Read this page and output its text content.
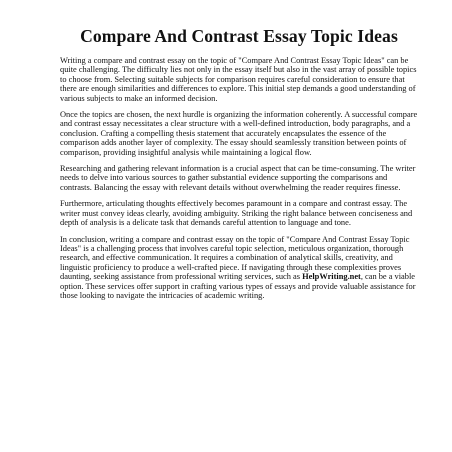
Compare And Contrast Essay Topic Ideas

Writing a compare and contrast essay on the topic of "Compare And Contrast Essay Topic Ideas" can be quite challenging. The difficulty lies not only in the essay itself but also in the vast array of possible topics to choose from. Selecting suitable subjects for comparison requires careful consideration to ensure that there are enough similarities and differences to explore. This initial step demands a good understanding of various subjects to make an informed decision.

Once the topics are chosen, the next hurdle is organizing the information coherently. A successful compare and contrast essay necessitates a clear structure with a well-defined introduction, body paragraphs, and a conclusion. Crafting a compelling thesis statement that accurately encapsulates the essence of the comparison adds another layer of complexity. The essay should seamlessly transition between points of comparison, providing insightful analysis while maintaining a logical flow.

Researching and gathering relevant information is a crucial aspect that can be time-consuming. The writer needs to delve into various sources to gather substantial evidence supporting the comparisons and contrasts. Balancing the essay with relevant details without overwhelming the reader requires finesse.

Furthermore, articulating thoughts effectively becomes paramount in a compare and contrast essay. The writer must convey ideas clearly, avoiding ambiguity. Striking the right balance between conciseness and depth of analysis is a delicate task that demands careful attention to language and tone.

In conclusion, writing a compare and contrast essay on the topic of "Compare And Contrast Essay Topic Ideas" is a challenging process that involves careful topic selection, meticulous organization, thorough research, and effective communication. It requires a combination of analytical skills, creativity, and linguistic proficiency to produce a well-crafted piece. If navigating through these complexities proves daunting, seeking assistance from professional writing services, such as HelpWriting.net, can be a viable option. These services offer support in crafting various types of essays and provide valuable assistance for those looking to navigate the intricacies of academic writing.
